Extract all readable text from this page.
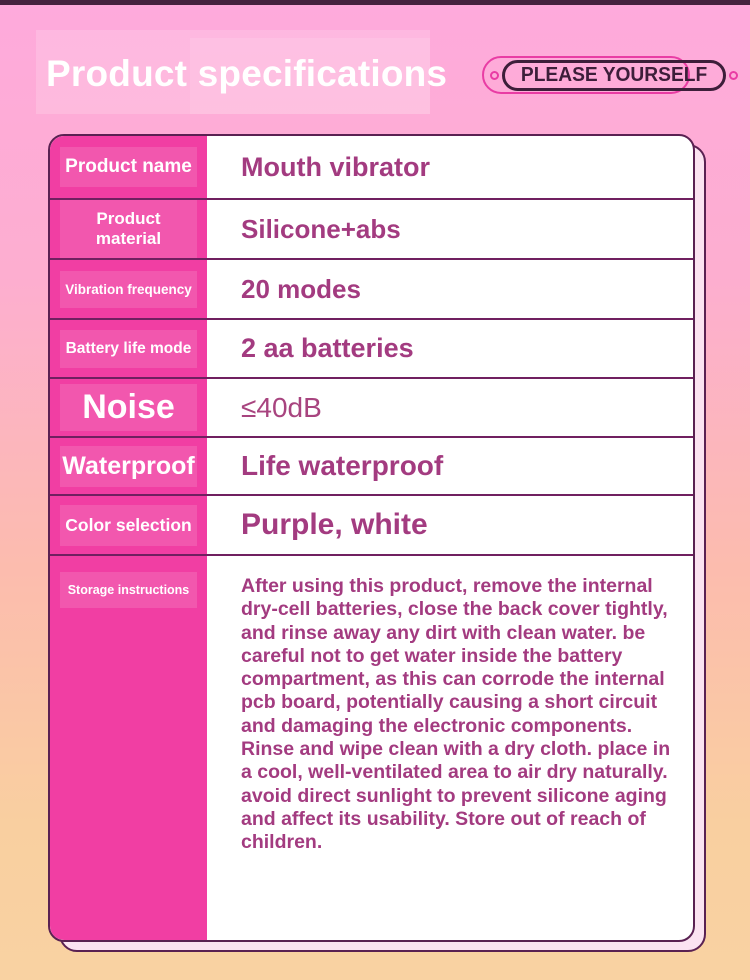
Product specifications	PLEASE YOURSELF
Product name	Mouth vibrator
Product material	Silicone+abs
Vibration frequency	20 modes
Battery life mode	2 aa batteries
Noise	≤40dB
Waterproof	Life waterproof
Color selection	Purple, white
Storage instructions	After using this product, remove the internal dry-cell batteries, close the back cover tightly, and rinse away any dirt with clean water. be careful not to get water inside the battery compartment, as this can corrode the internal pcb board, potentially causing a short circuit and damaging the electronic components. Rinse and wipe clean with a dry cloth. place in a cool, well-ventilated area to air dry naturally. avoid direct sunlight to prevent silicone aging and affect its usability. Store out of reach of children.
